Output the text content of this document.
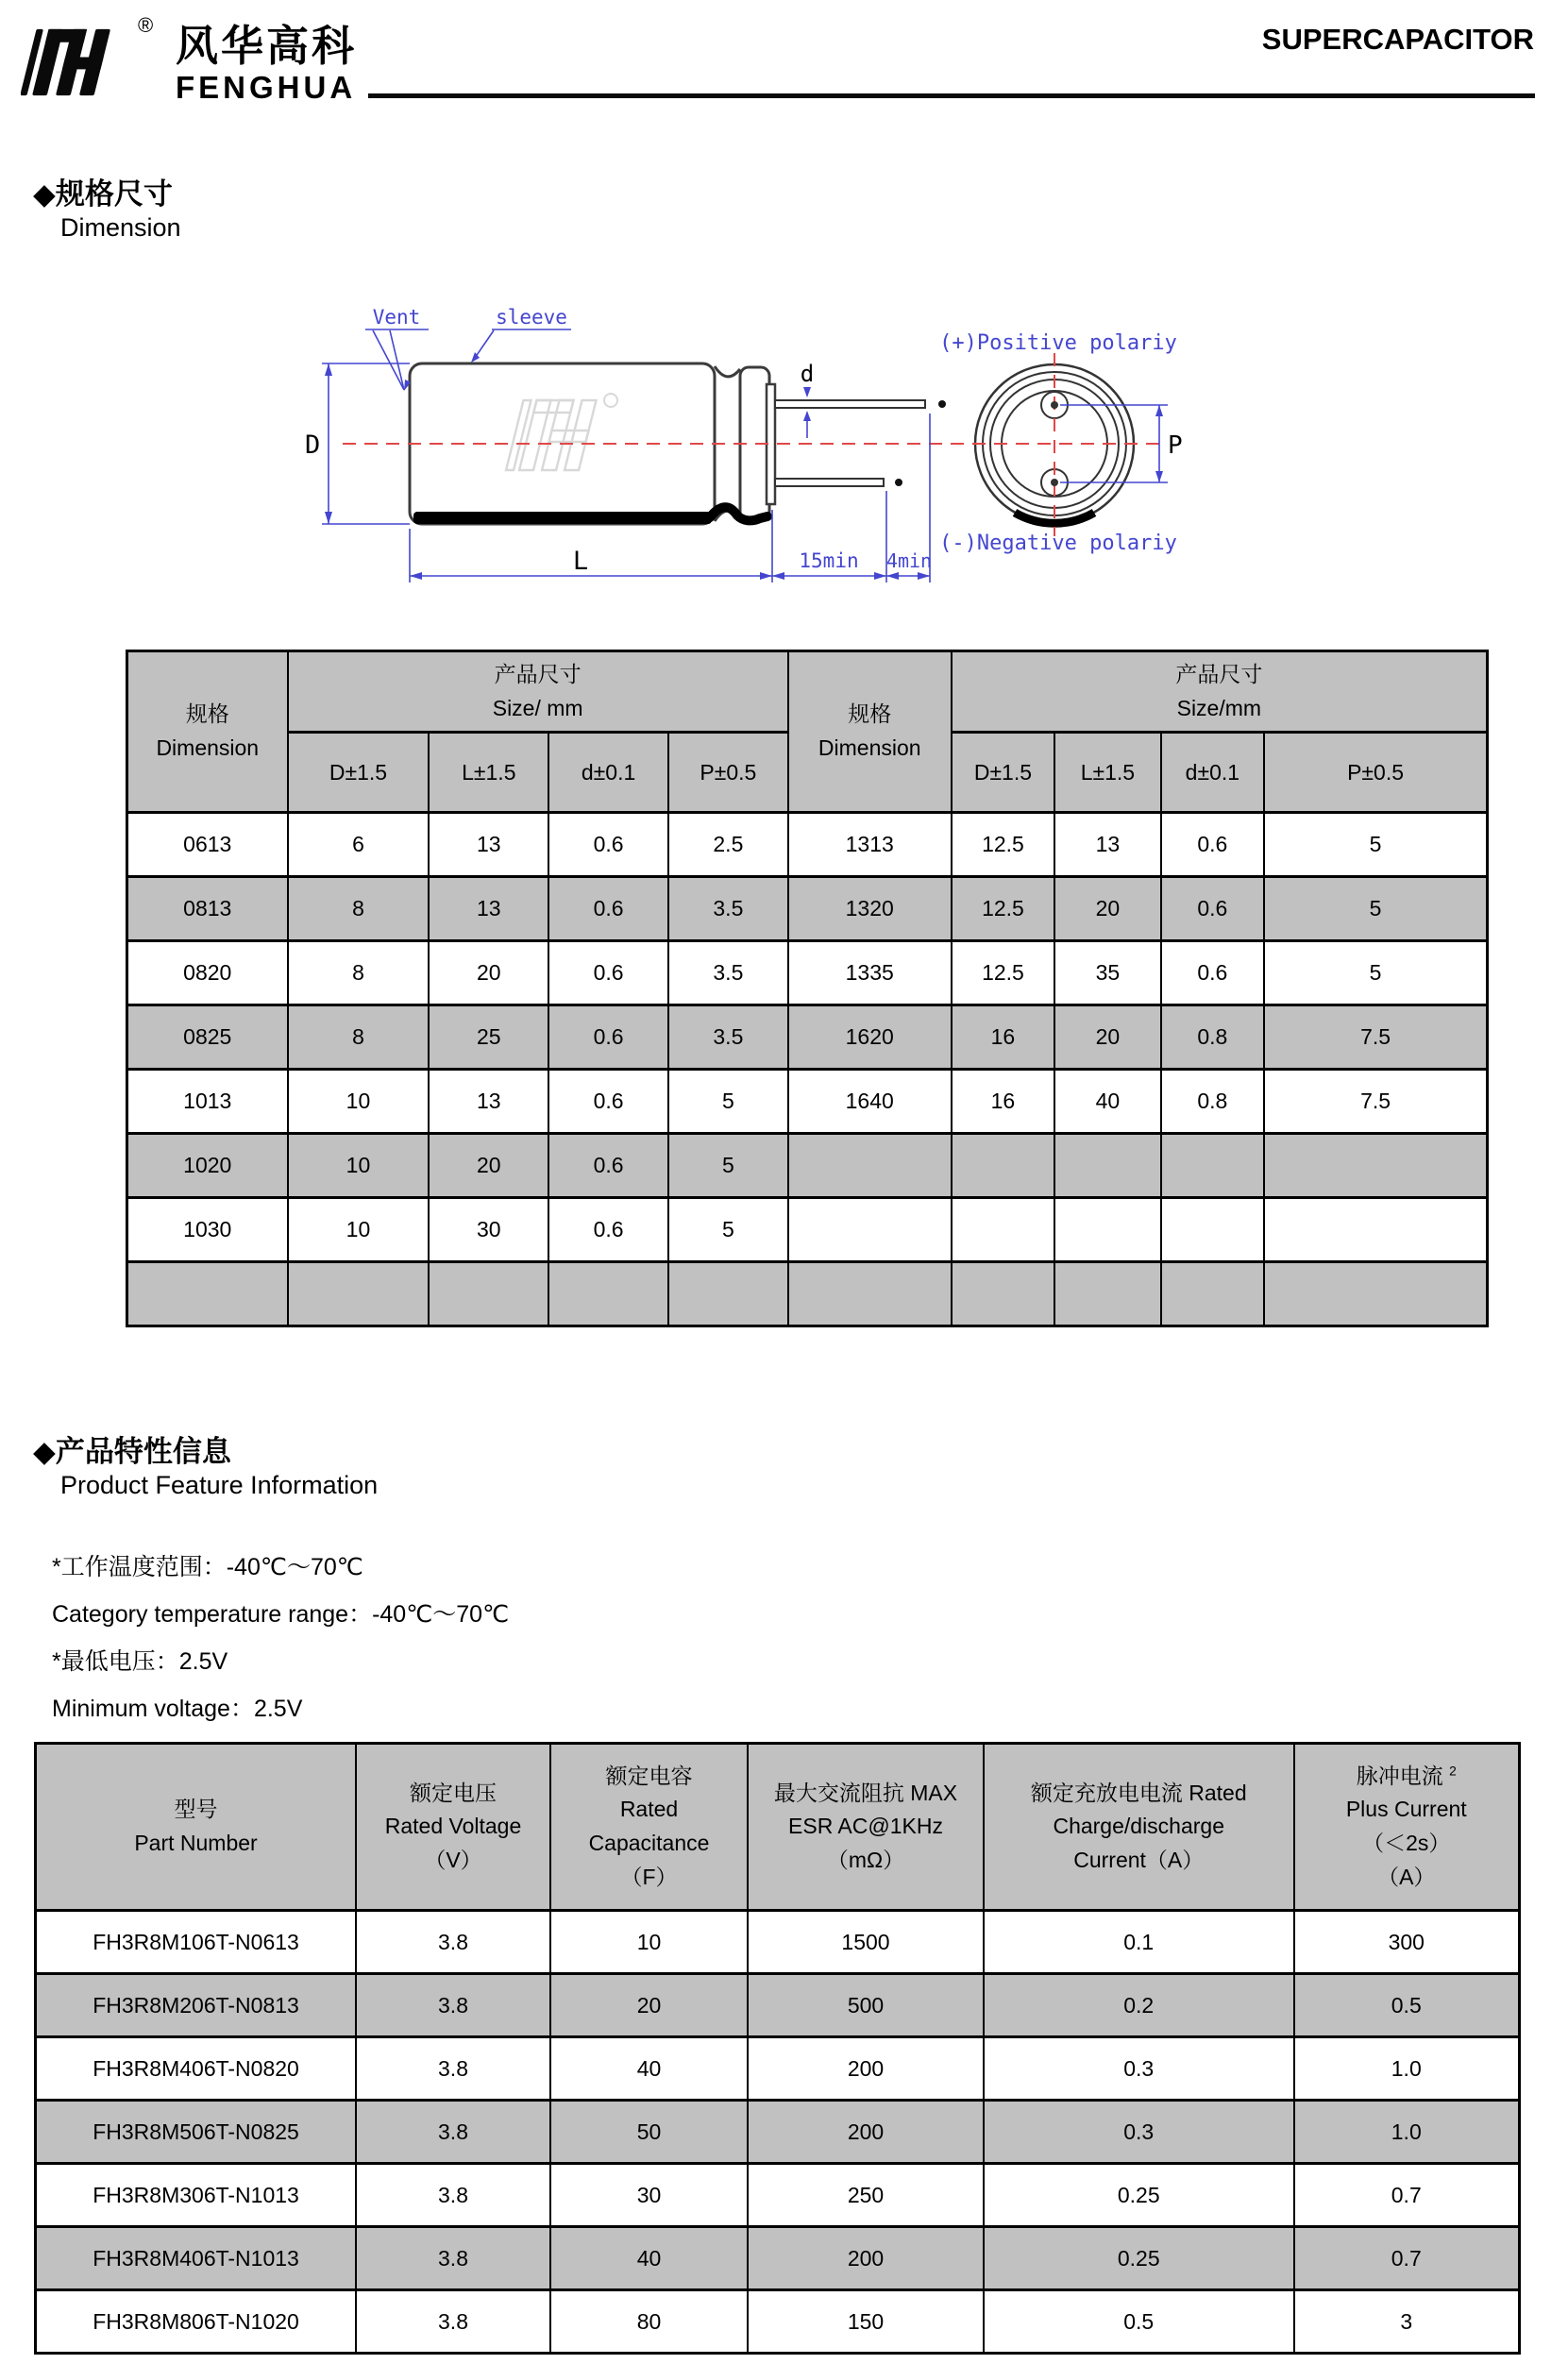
® 风华高科
FENGHUA
SUPERCAPACITOR
◆规格尺寸
Dimension
Vent	sleeve
D
L
d
P
15min 4min
(+)Positive polariy
(-)Negative polariy
规格
Dimension

产品尺寸
Size/ mm	规格
Dimension

产品尺寸
Size/mm

	D±1.5	L±1.5	d±0.1	P±0.5		D±1.5	L±1.5	d±0.1	P±0.5
0613	6	13	0.6	2.5	1313	12.5	13	0.6	5
0813	8	13	0.6	3.5	1320	12.5	20	0.6	5
0820	8	20	0.6	3.5	1335	12.5	35	0.6	5
0825	8	25	0.6	3.5	1620	16	20	0.8	7.5
1013	10	13	0.6	5	1640	16	40	0.8	7.5
1020	10	20	0.6	5					
1030	10	30	0.6	5					

◆产品特性信息
Product Feature Information
*工作温度范围：-40℃～70℃
Category temperature range：-40℃～70℃
*最低电压：2.5V
Minimum voltage：2.5V
型号
Part Number

额定电压
Rated Voltage
（V）

额定电容
Rated
Capacitance
（F）

最大交流阻抗 MAX
ESR AC@1KHz
（mΩ）

额定充放电电流 Rated
Charge/discharge
Current（A）

脉冲电流 $^2$
Plus Current
（＜2s）
（A）

FH3R8M106T-N0613	3.8	10	1500	0.1	300
FH3R8M206T-N0813	3.8	20	500	0.2	0.5
FH3R8M406T-N0820	3.8	40	200	0.3	1.0
FH3R8M506T-N0825	3.8	50	200	0.3	1.0
FH3R8M306T-N1013	3.8	30	250	0.25	0.7
FH3R8M406T-N1013	3.8	40	200	0.25	0.7
FH3R8M806T-N1020	3.8	80	150	0.5	3
